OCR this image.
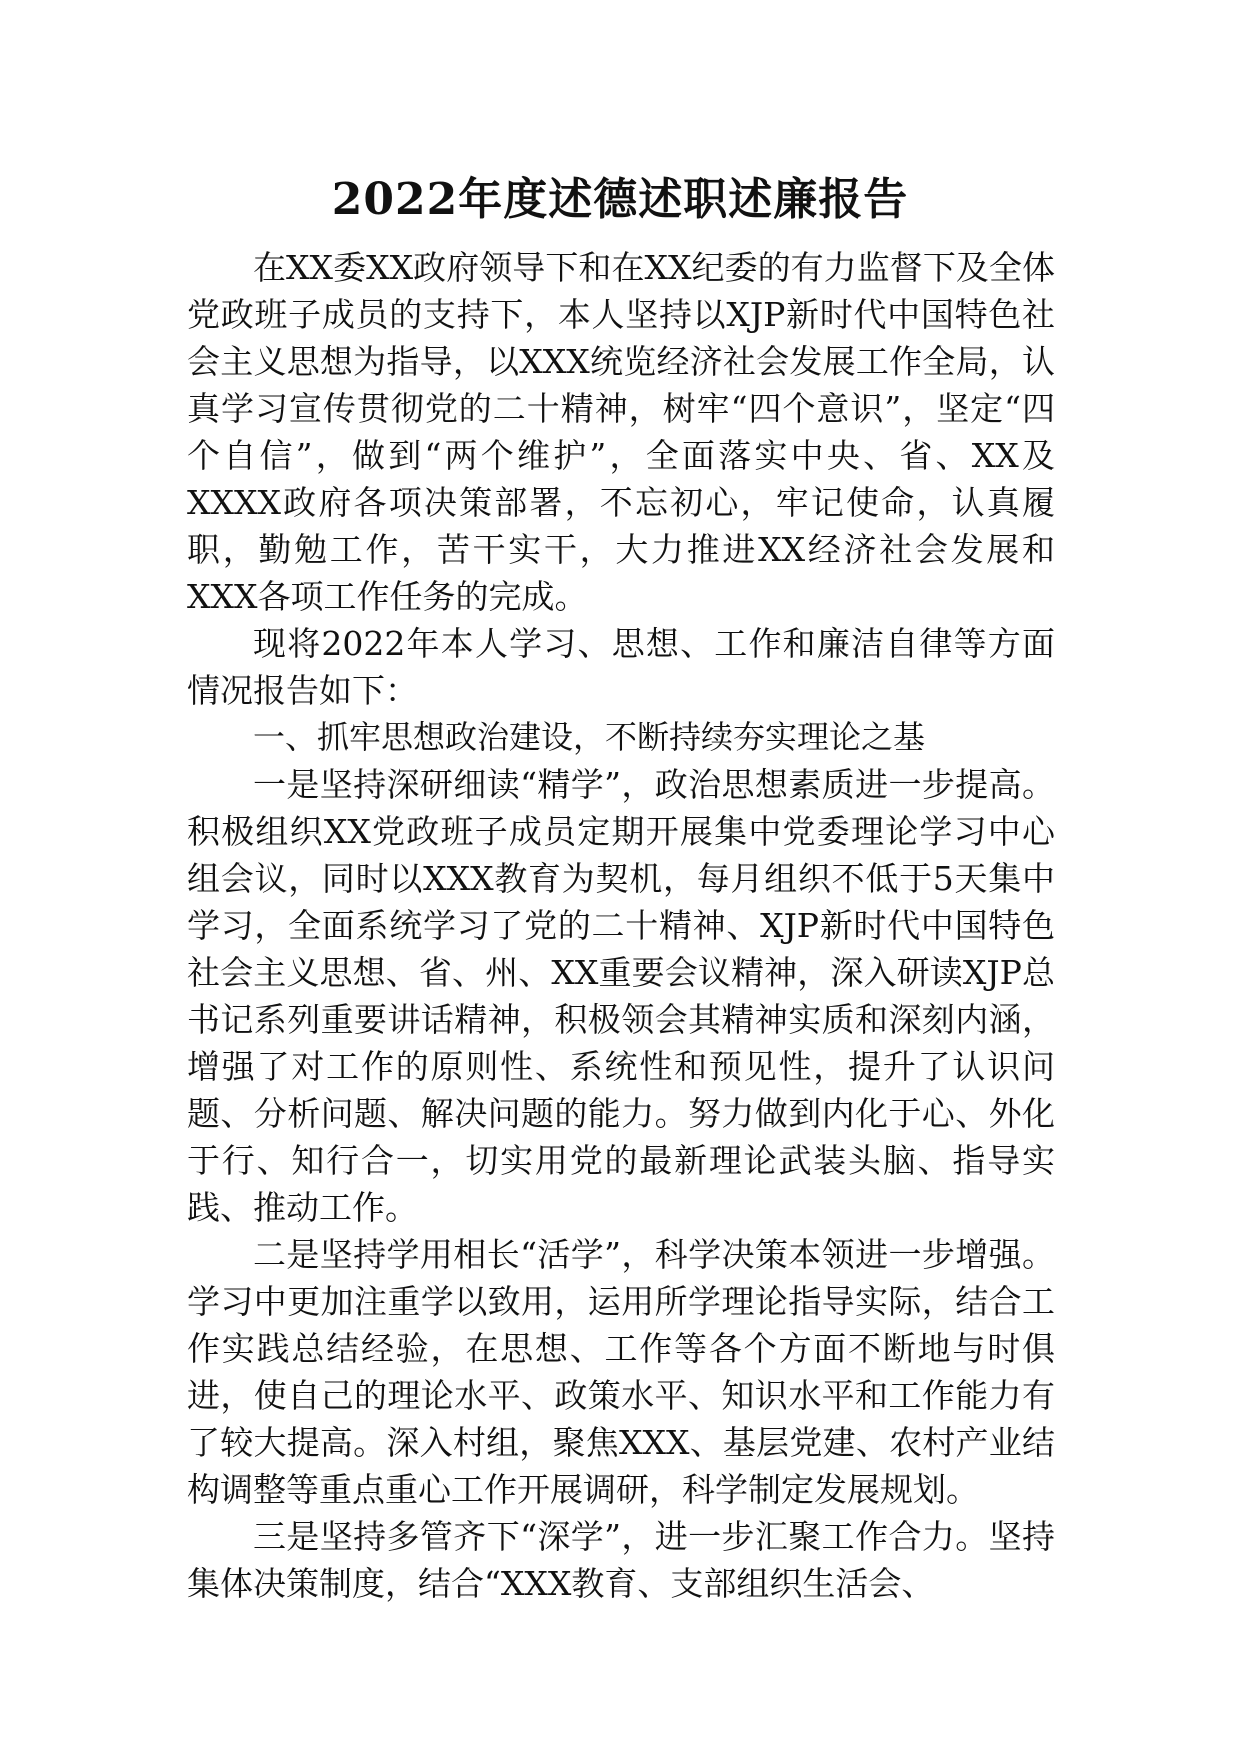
2022年度述德述职述廉报告

在XX委XX政府领导下和在XX纪委的有力监督下及全体党政班子成员的支持下，本人坚持以XJP新时代中国特色社会主义思想为指导，以XXX统览经济社会发展工作全局，认真学习宣传贯彻党的二十精神，树牢“四个意识”，坚定“四个自信”，做到“两个维护”，全面落实中央、省、XX及XXXX政府各项决策部署，不忘初心，牢记使命，认真履职，勤勉工作，苦干实干，大力推进XX经济社会发展和XXX各项工作任务的完成。

现将2022年本人学习、思想、工作和廉洁自律等方面情况报告如下：

一、抓牢思想政治建设，不断持续夯实理论之基

一是坚持深研细读“精学”，政治思想素质进一步提高。积极组织XX党政班子成员定期开展集中党委理论学习中心组会议，同时以XXX教育为契机，每月组织不低于5天集中学习，全面系统学习了党的二十精神、XJP新时代中国特色社会主义思想、省、州、XX重要会议精神，深入研读XJP总书记系列重要讲话精神，积极领会其精神实质和深刻内涵，增强了对工作的原则性、系统性和预见性，提升了认识问题、分析问题、解决问题的能力。努力做到内化于心、外化于行、知行合一，切实用党的最新理论武装头脑、指导实践、推动工作。

二是坚持学用相长“活学”，科学决策本领进一步增强。学习中更加注重学以致用，运用所学理论指导实际，结合工作实践总结经验，在思想、工作等各个方面不断地与时俱进，使自己的理论水平、政策水平、知识水平和工作能力有了较大提高。深入村组，聚焦XXX、基层党建、农村产业结构调整等重点重心工作开展调研，科学制定发展规划。

三是坚持多管齐下“深学”，进一步汇聚工作合力。坚持集体决策制度，结合“XXX教育、支部组织生活会、
